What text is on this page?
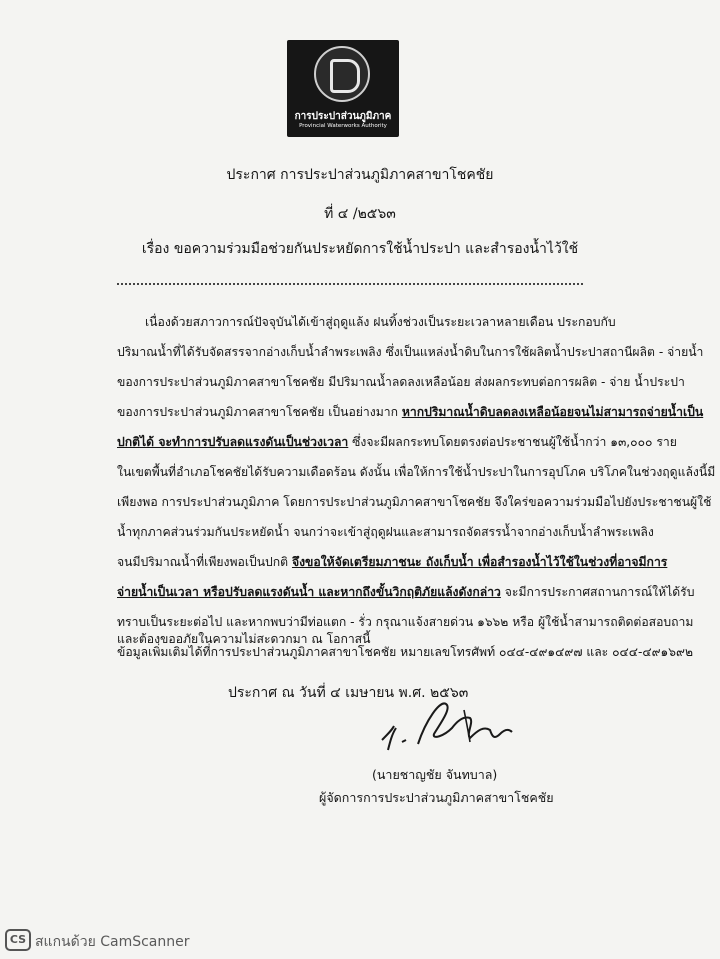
การประปาส่วนภูมิภาค
Provincial Waterworks Authority
ประกาศ การประปาส่วนภูมิภาคสาขาโชคชัย
ที่ ๔ /๒๕๖๓
เรื่อง ขอความร่วมมือช่วยกันประหยัดการใช้น้ำประปา และสำรองน้ำไว้ใช้
เนื่องด้วยสภาวการณ์ปัจจุบันได้เข้าสู่ฤดูแล้ง ฝนทิ้งช่วงเป็นระยะเวลาหลายเดือน ประกอบกับ
ปริมาณน้ำที่ได้รับจัดสรรจากอ่างเก็บน้ำลำพระเพลิง ซึ่งเป็นแหล่งน้ำดิบในการใช้ผลิตน้ำประปาสถานีผลิต - จ่ายน้ำ
ของการประปาส่วนภูมิภาคสาขาโชคชัย มีปริมาณน้ำลดลงเหลือน้อย ส่งผลกระทบต่อการผลิต - จ่าย น้ำประปา
ของการประปาส่วนภูมิภาคสาขาโชคชัย เป็นอย่างมาก หากปริมาณน้ำดิบลดลงเหลือน้อยจนไม่สามารถจ่ายน้ำเป็น
ปกติได้ จะทำการปรับลดแรงดันเป็นช่วงเวลา ซึ่งจะมีผลกระทบโดยตรงต่อประชาชนผู้ใช้น้ำกว่า ๑๓,๐๐๐ ราย
ในเขตพื้นที่อำเภอโชคชัยได้รับความเดือดร้อน ดังนั้น เพื่อให้การใช้น้ำประปาในการอุปโภค บริโภคในช่วงฤดูแล้งนี้มี
เพียงพอ การประปาส่วนภูมิภาค โดยการประปาส่วนภูมิภาคสาขาโชคชัย จึงใคร่ขอความร่วมมือไปยังประชาชนผู้ใช้
น้ำทุกภาคส่วนร่วมกันประหยัดน้ำ จนกว่าจะเข้าสู่ฤดูฝนและสามารถจัดสรรน้ำจากอ่างเก็บน้ำลำพระเพลิง
จนมีปริมาณน้ำที่เพียงพอเป็นปกติ จึงขอให้จัดเตรียมภาชนะ ถังเก็บน้ำ เพื่อสำรองน้ำไว้ใช้ในช่วงที่อาจมีการ
จ่ายน้ำเป็นเวลา หรือปรับลดแรงดันน้ำ และหากถึงขั้นวิกฤติภัยแล้งดังกล่าว จะมีการประกาศสถานการณ์ให้ได้รับ
ทราบเป็นระยะต่อไป และหากพบว่ามีท่อแตก - รั่ว กรุณาแจ้งสายด่วน ๑๖๖๒ หรือ ผู้ใช้น้ำสามารถติดต่อสอบถาม
ข้อมูลเพิ่มเติมได้ที่การประปาส่วนภูมิภาคสาขาโชคชัย หมายเลขโทรศัพท์ ๐๔๔-๔๙๑๔๙๗ และ ๐๔๔-๔๙๑๖๙๒
และต้องขออภัยในความไม่สะดวกมา ณ โอกาสนี้
ประกาศ ณ วันที่ ๔ เมษายน พ.ศ. ๒๕๖๓
(นายชาญชัย จันทบาล)
ผู้จัดการการประปาส่วนภูมิภาคสาขาโชคชัย
CS สแกนด้วย CamScanner
